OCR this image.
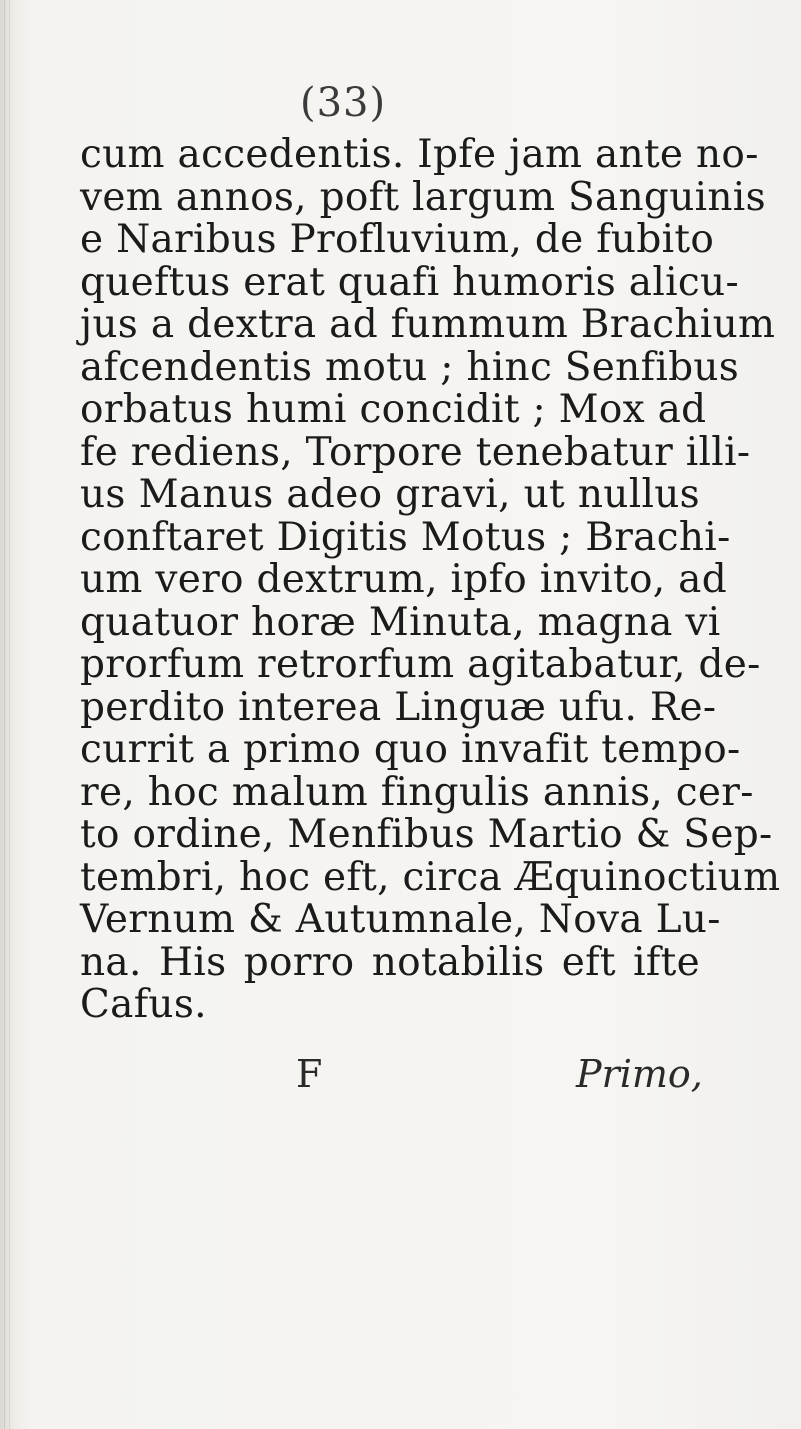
(33)
cum accedentis. Ipfe jam ante no-
vem annos, poft largum Sanguinis
e Naribus Profluvium, de fubito
queftus erat quafi humoris alicu-
jus a dextra ad fummum Brachium
afcendentis motu ; hinc Senfibus
orbatus humi concidit ; Mox ad
fe rediens, Torpore tenebatur illi-
us Manus adeo gravi, ut nullus
conftaret Digitis Motus ; Brachi-
um vero dextrum, ipfo invito, ad
quatuor horæ Minuta, magna vi
prorfum retrorfum agitabatur, de-
perdito interea Linguæ ufu. Re-
currit a primo quo invafit tempo-
re, hoc malum fingulis annis, cer-
to ordine, Menfibus Martio & Sep-
tembri, hoc eft, circa Æquinoctium
Vernum & Autumnale, Nova Lu-
na. His porro notabilis eft ifte
Cafus.
F	Primo,
